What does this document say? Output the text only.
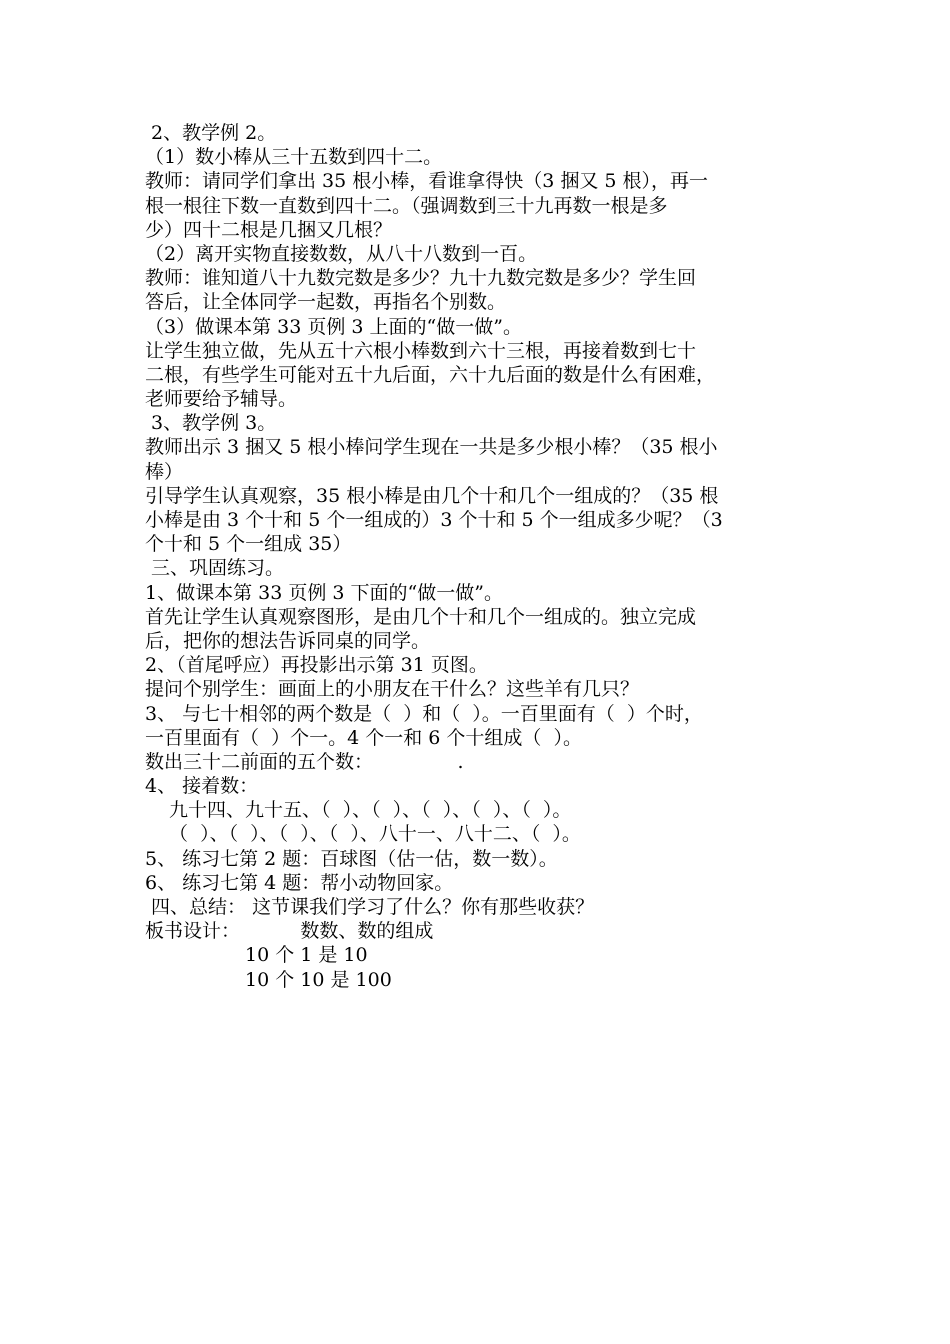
2、教学例 2。
（1）数小棒从三十五数到四十二。
教师：请同学们拿出 35 根小棒，看谁拿得快（3 捆又 5 根），再一
根一根往下数一直数到四十二。（强调数到三十九再数一根是多
少）四十二根是几捆又几根？
（2）离开实物直接数数，从八十八数到一百。
教师：谁知道八十九数完数是多少？九十九数完数是多少？学生回
答后，让全体同学一起数，再指名个别数。
（3）做课本第 33 页例 3 上面的“做一做”。
让学生独立做，先从五十六根小棒数到六十三根，再接着数到七十
二根，有些学生可能对五十九后面，六十九后面的数是什么有困难，
老师要给予辅导。
3、教学例 3。
教师出示 3 捆又 5 根小棒问学生现在一共是多少根小棒？（35 根小
棒）
引导学生认真观察，35 根小棒是由几个十和几个一组成的？（35 根
小棒是由 3 个十和 5 个一组成的）3 个十和 5 个一组成多少呢？（3
个十和 5 个一组成 35）
三、巩固练习。
1、做课本第 33 页例 3 下面的“做一做”。
首先让学生认真观察图形，是由几个十和几个一组成的。独立完成
后，把你的想法告诉同桌的同学。
2、（首尾呼应）再投影出示第 31 页图。
提问个别学生：画面上的小朋友在干什么？这些羊有几只？
3、 与七十相邻的两个数是（  ）和（  ）。一百里面有（  ）个时，
一百里面有（  ）个一。4 个一和 6 个十组成（  ）。
数出三十二前面的五个数：              .
4、 接着数：
九十四、九十五、（  ）、（  ）、（  ）、（  ）、（  ）。
（  ）、（  ）、（  ）、（  ）、八十一、八十二、（  ）。
5、 练习七第 2 题：百球图（估一估，数一数）。
6、 练习七第 4 题：帮小动物回家。
四、总结： 这节课我们学习了什么？你有那些收获？
板书设计：          数数、数的组成
10 个 1 是 10
10 个 10 是 100
